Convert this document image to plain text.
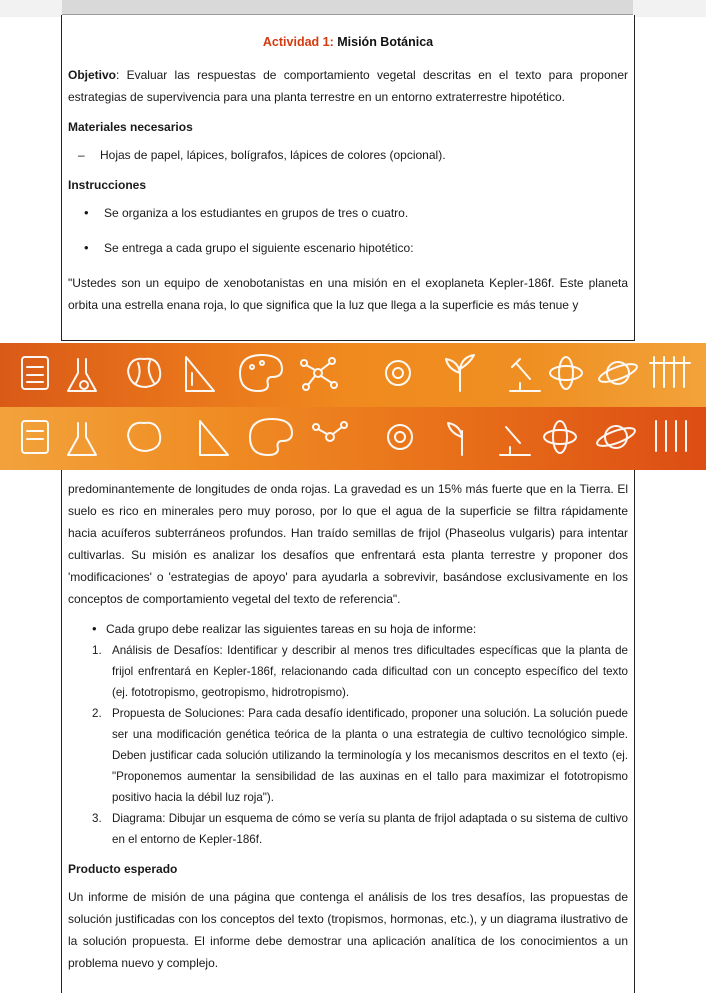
Actividad 1: Misión Botánica

Objetivo: Evaluar las respuestas de comportamiento vegetal descritas en el texto para proponer estrategias de supervivencia para una planta terrestre en un entorno extraterrestre hipotético.

Materiales necesarios
– Hojas de papel, lápices, bolígrafos, lápices de colores (opcional).
Instrucciones
• Se organiza a los estudiantes en grupos de tres o cuatro.
• Se entrega a cada grupo el siguiente escenario hipotético:

"Ustedes son un equipo de xenobotanistas en una misión en el exoplaneta Kepler-186f. Este planeta orbita una estrella enana roja, lo que significa que la luz que llega a la superficie es más tenue y

predominantemente de longitudes de onda rojas. La gravedad es un 15% más fuerte que en la Tierra. El suelo es rico en minerales pero muy poroso, por lo que el agua de la superficie se filtra rápidamente hacia acuíferos subterráneos profundos. Han traído semillas de frijol (Phaseolus vulgaris) para intentar cultivarlas. Su misión es analizar los desafíos que enfrentará esta planta terrestre y proponer dos 'modificaciones' o 'estrategias de apoyo' para ayudarla a sobrevivir, basándose exclusivamente en los conceptos de comportamiento vegetal del texto de referencia".

• Cada grupo debe realizar las siguientes tareas en su hoja de informe:
1. Análisis de Desafíos: Identificar y describir al menos tres dificultades específicas que la planta de frijol enfrentará en Kepler-186f, relacionando cada dificultad con un concepto específico del texto (ej. fototropismo, geotropismo, hidrotropismo).
2. Propuesta de Soluciones: Para cada desafío identificado, proponer una solución. La solución puede ser una modificación genética teórica de la planta o una estrategia de cultivo tecnológico simple. Deben justificar cada solución utilizando la terminología y los mecanismos descritos en el texto (ej. "Proponemos aumentar la sensibilidad de las auxinas en el tallo para maximizar el fototropismo positivo hacia la débil luz roja").
3. Diagrama: Dibujar un esquema de cómo se vería su planta de frijol adaptada o su sistema de cultivo en el entorno de Kepler-186f.
Producto esperado

Un informe de misión de una página que contenga el análisis de los tres desafíos, las propuestas de solución justificadas con los conceptos del texto (tropismos, hormonas, etc.), y un diagrama ilustrativo de la solución propuesta. El informe debe demostrar una aplicación analítica de los conocimientos a un problema nuevo y complejo.
